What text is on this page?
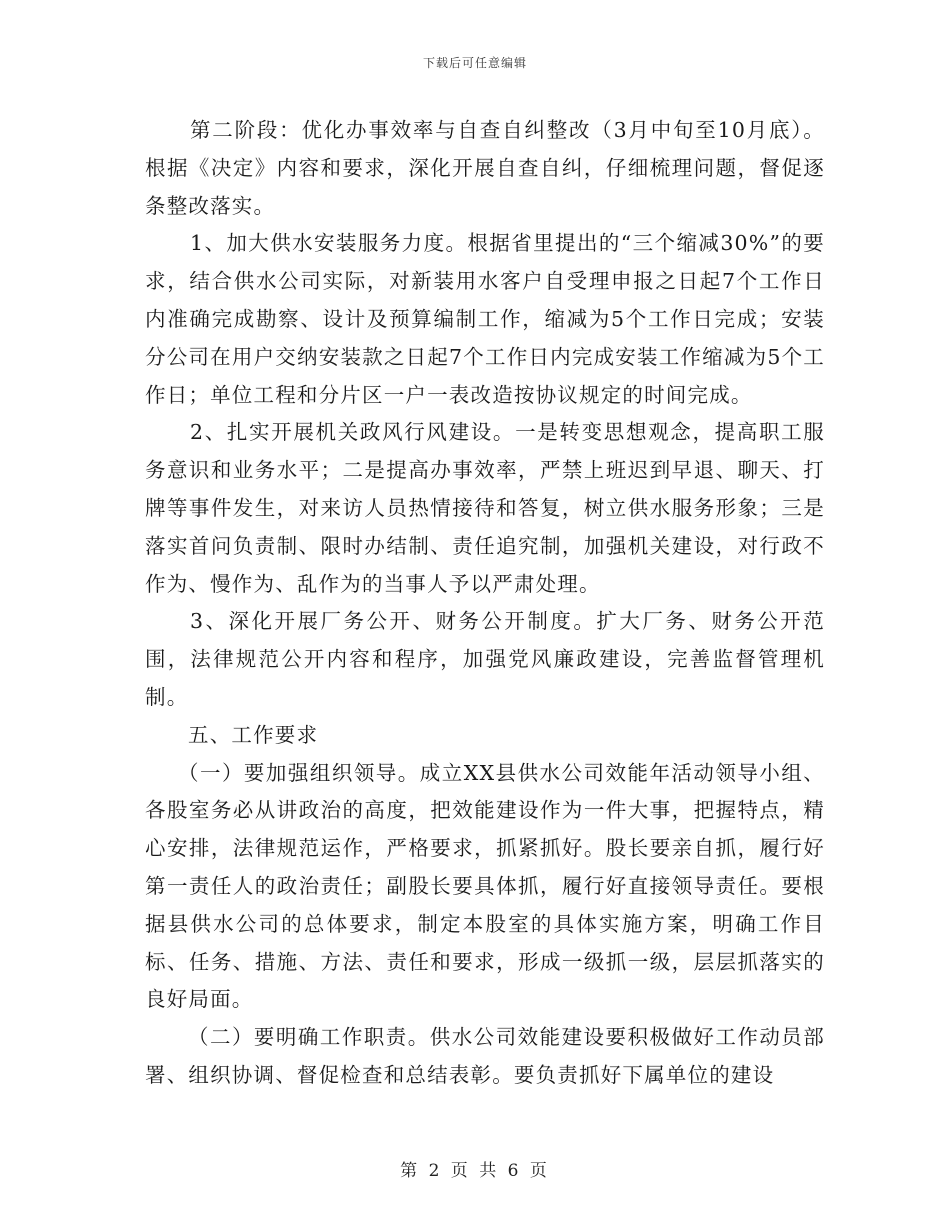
下载后可任意编辑

第二阶段：优化办事效率与自查自纠整改（3月中旬至10月底）。根据《决定》内容和要求，深化开展自查自纠，仔细梳理问题，督促逐条整改落实。

1、加大供水安装服务力度。根据省里提出的“三个缩减30%”的要求，结合供水公司实际，对新装用水客户自受理申报之日起7个工作日内准确完成勘察、设计及预算编制工作，缩减为5个工作日完成；安装分公司在用户交纳安装款之日起7个工作日内完成安装工作缩减为5个工作日；单位工程和分片区一户一表改造按协议规定的时间完成。

2、扎实开展机关政风行风建设。一是转变思想观念，提高职工服务意识和业务水平；二是提高办事效率，严禁上班迟到早退、聊天、打牌等事件发生，对来访人员热情接待和答复，树立供水服务形象；三是落实首问负责制、限时办结制、责任追究制，加强机关建设，对行政不作为、慢作为、乱作为的当事人予以严肃处理。

3、深化开展厂务公开、财务公开制度。扩大厂务、财务公开范围，法律规范公开内容和程序，加强党风廉政建设，完善监督管理机制。

五、工作要求

（一）要加强组织领导。成立XX县供水公司效能年活动领导小组、各股室务必从讲政治的高度，把效能建设作为一件大事，把握特点，精心安排，法律规范运作，严格要求，抓紧抓好。股长要亲自抓，履行好第一责任人的政治责任；副股长要具体抓，履行好直接领导责任。要根据县供水公司的总体要求，制定本股室的具体实施方案，明确工作目标、任务、措施、方法、责任和要求，形成一级抓一级，层层抓落实的良好局面。

（二）要明确工作职责。供水公司效能建设要积极做好工作动员部署、组织协调、督促检查和总结表彰。要负责抓好下属单位的建设

第 2 页 共 6 页
